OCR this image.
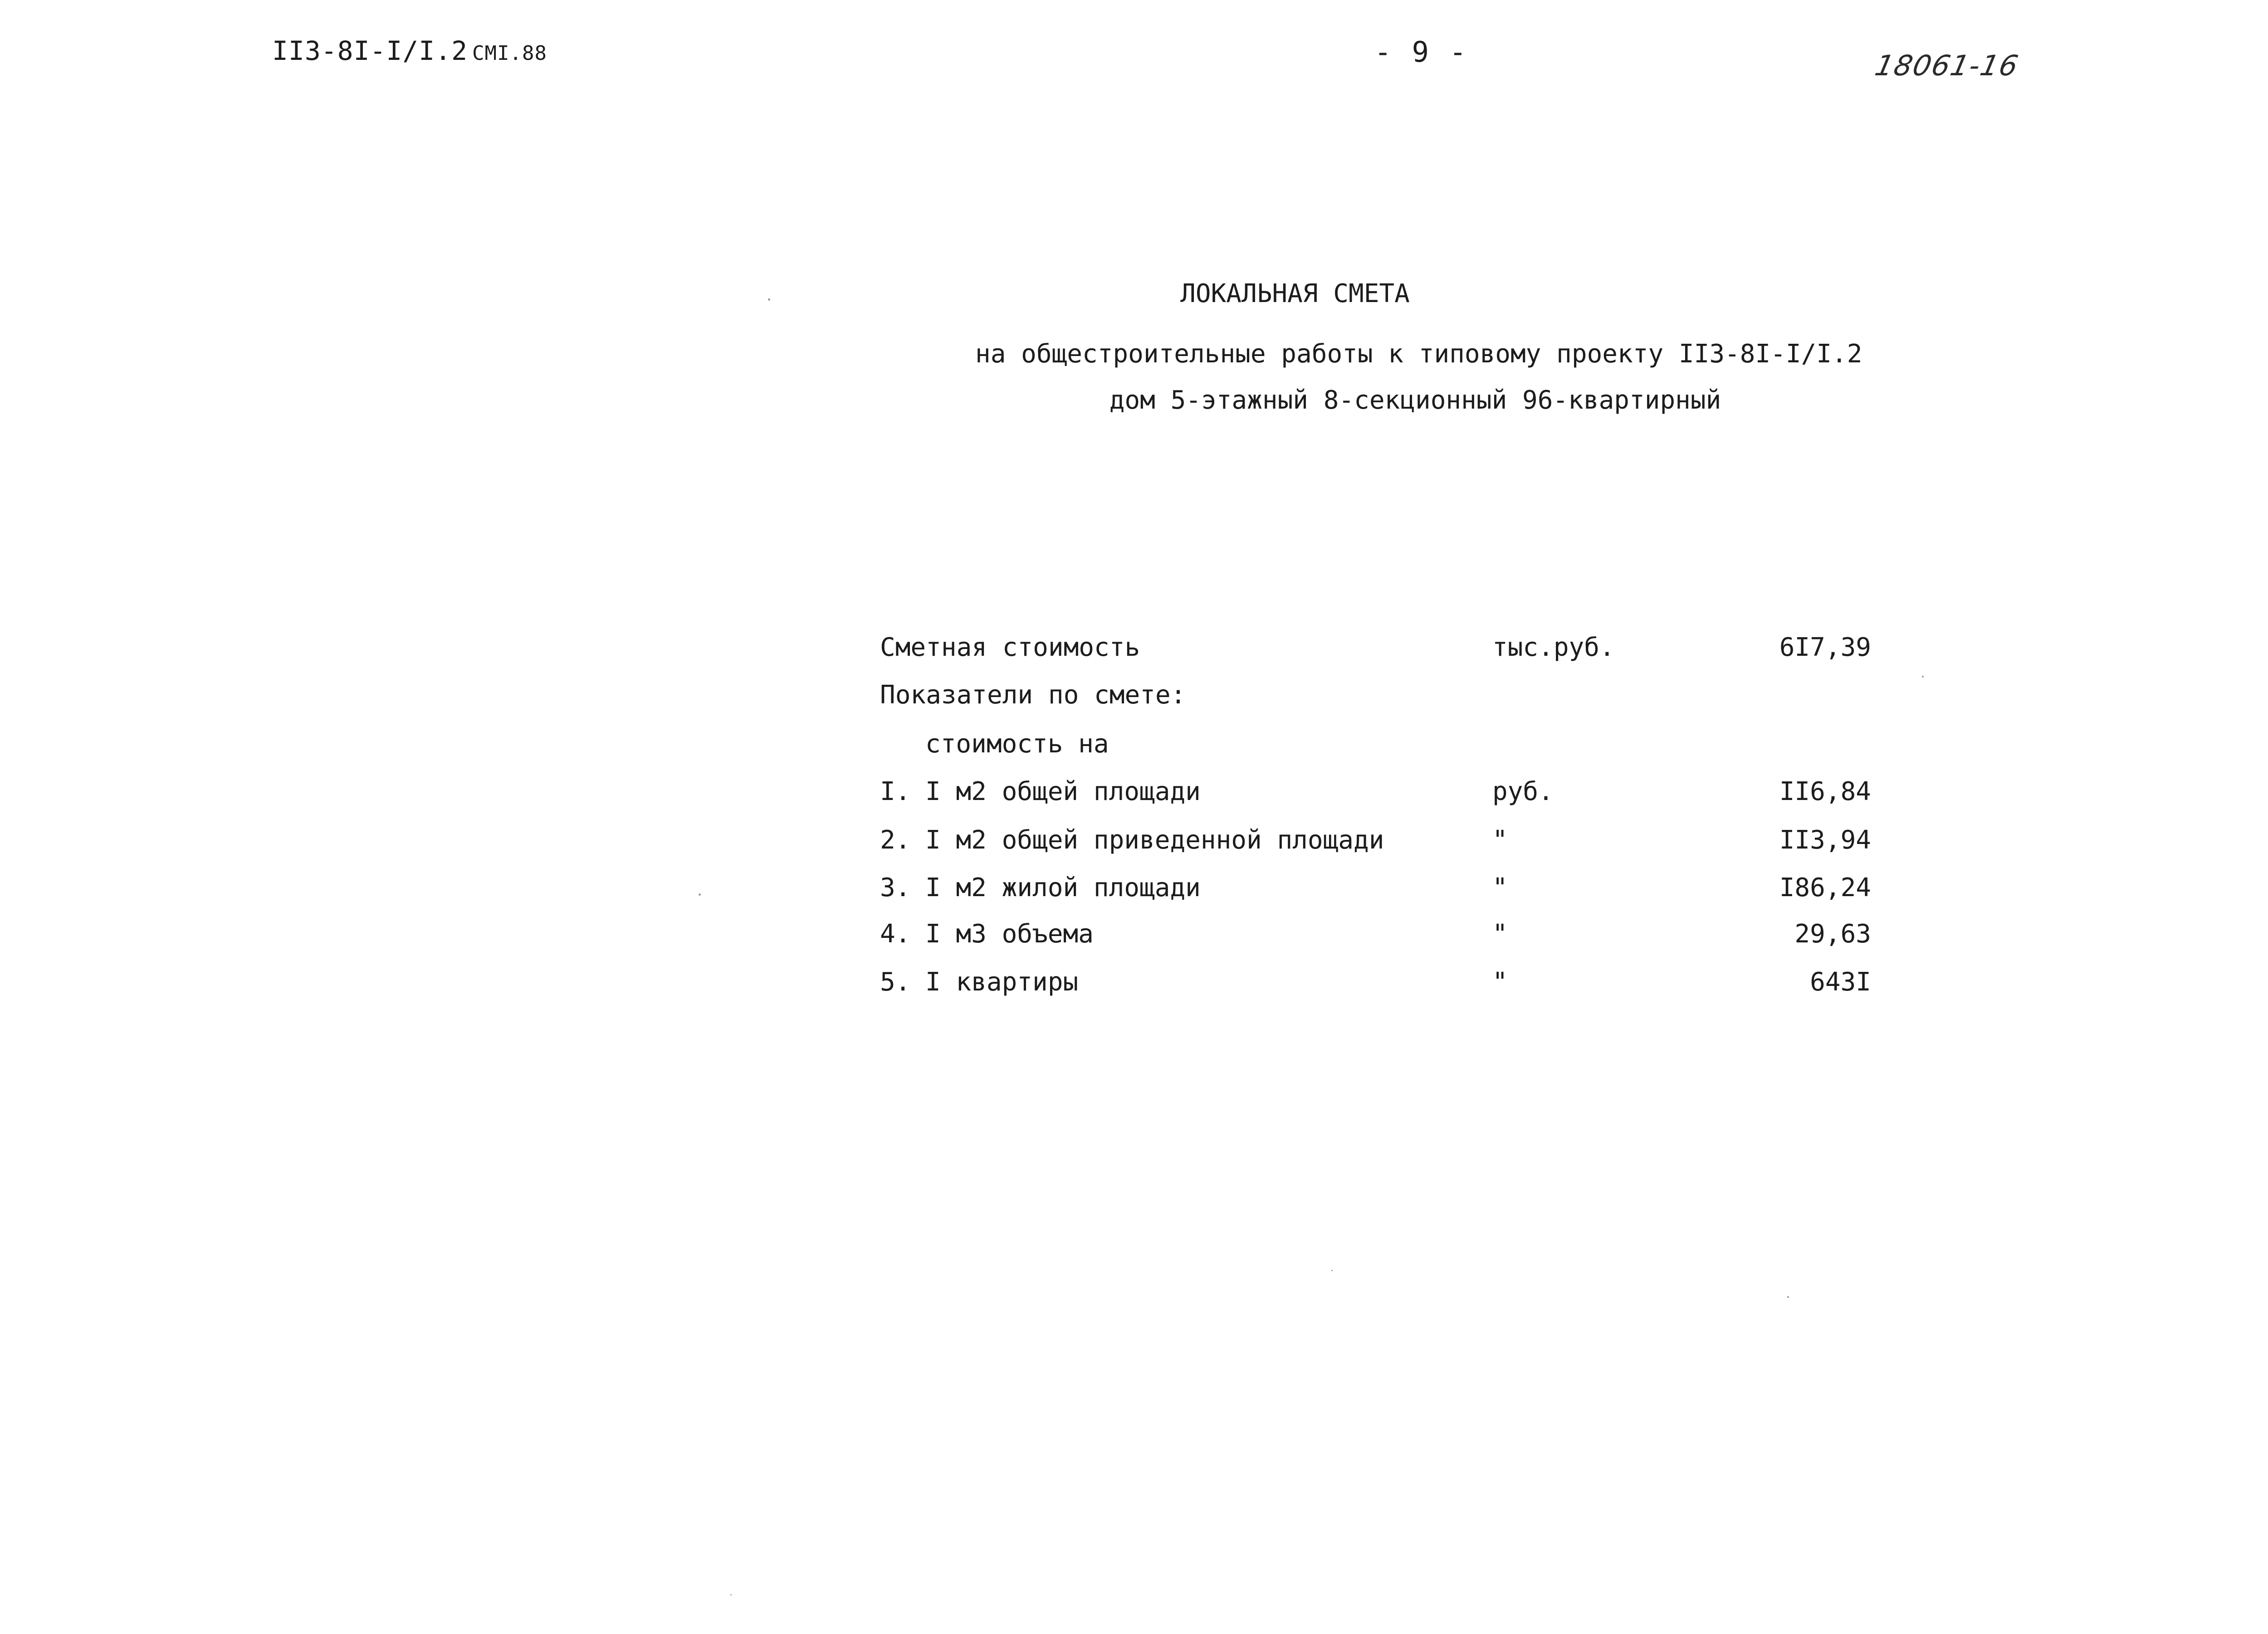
II3-8I-I/I.2 CMI.88	- 9 -	18061-16
ЛОКАЛЬНАЯ СМЕТА
на общестроительные работы к типовому проекту II3-8I-I/I.2
дом 5-этажный 8-секционный 96-квартирный
Сметная стоимость	тыс.руб.	6I7,39
Показатели по смете:
стоимость на
I. I м2 общей площади	руб.	II6,84
2. I м2 общей приведенной площади	"	II3,94
3. I м2 жилой площади	"	I86,24
4. I м3 объема	"	29,63
5. I квартиры	"	643I
